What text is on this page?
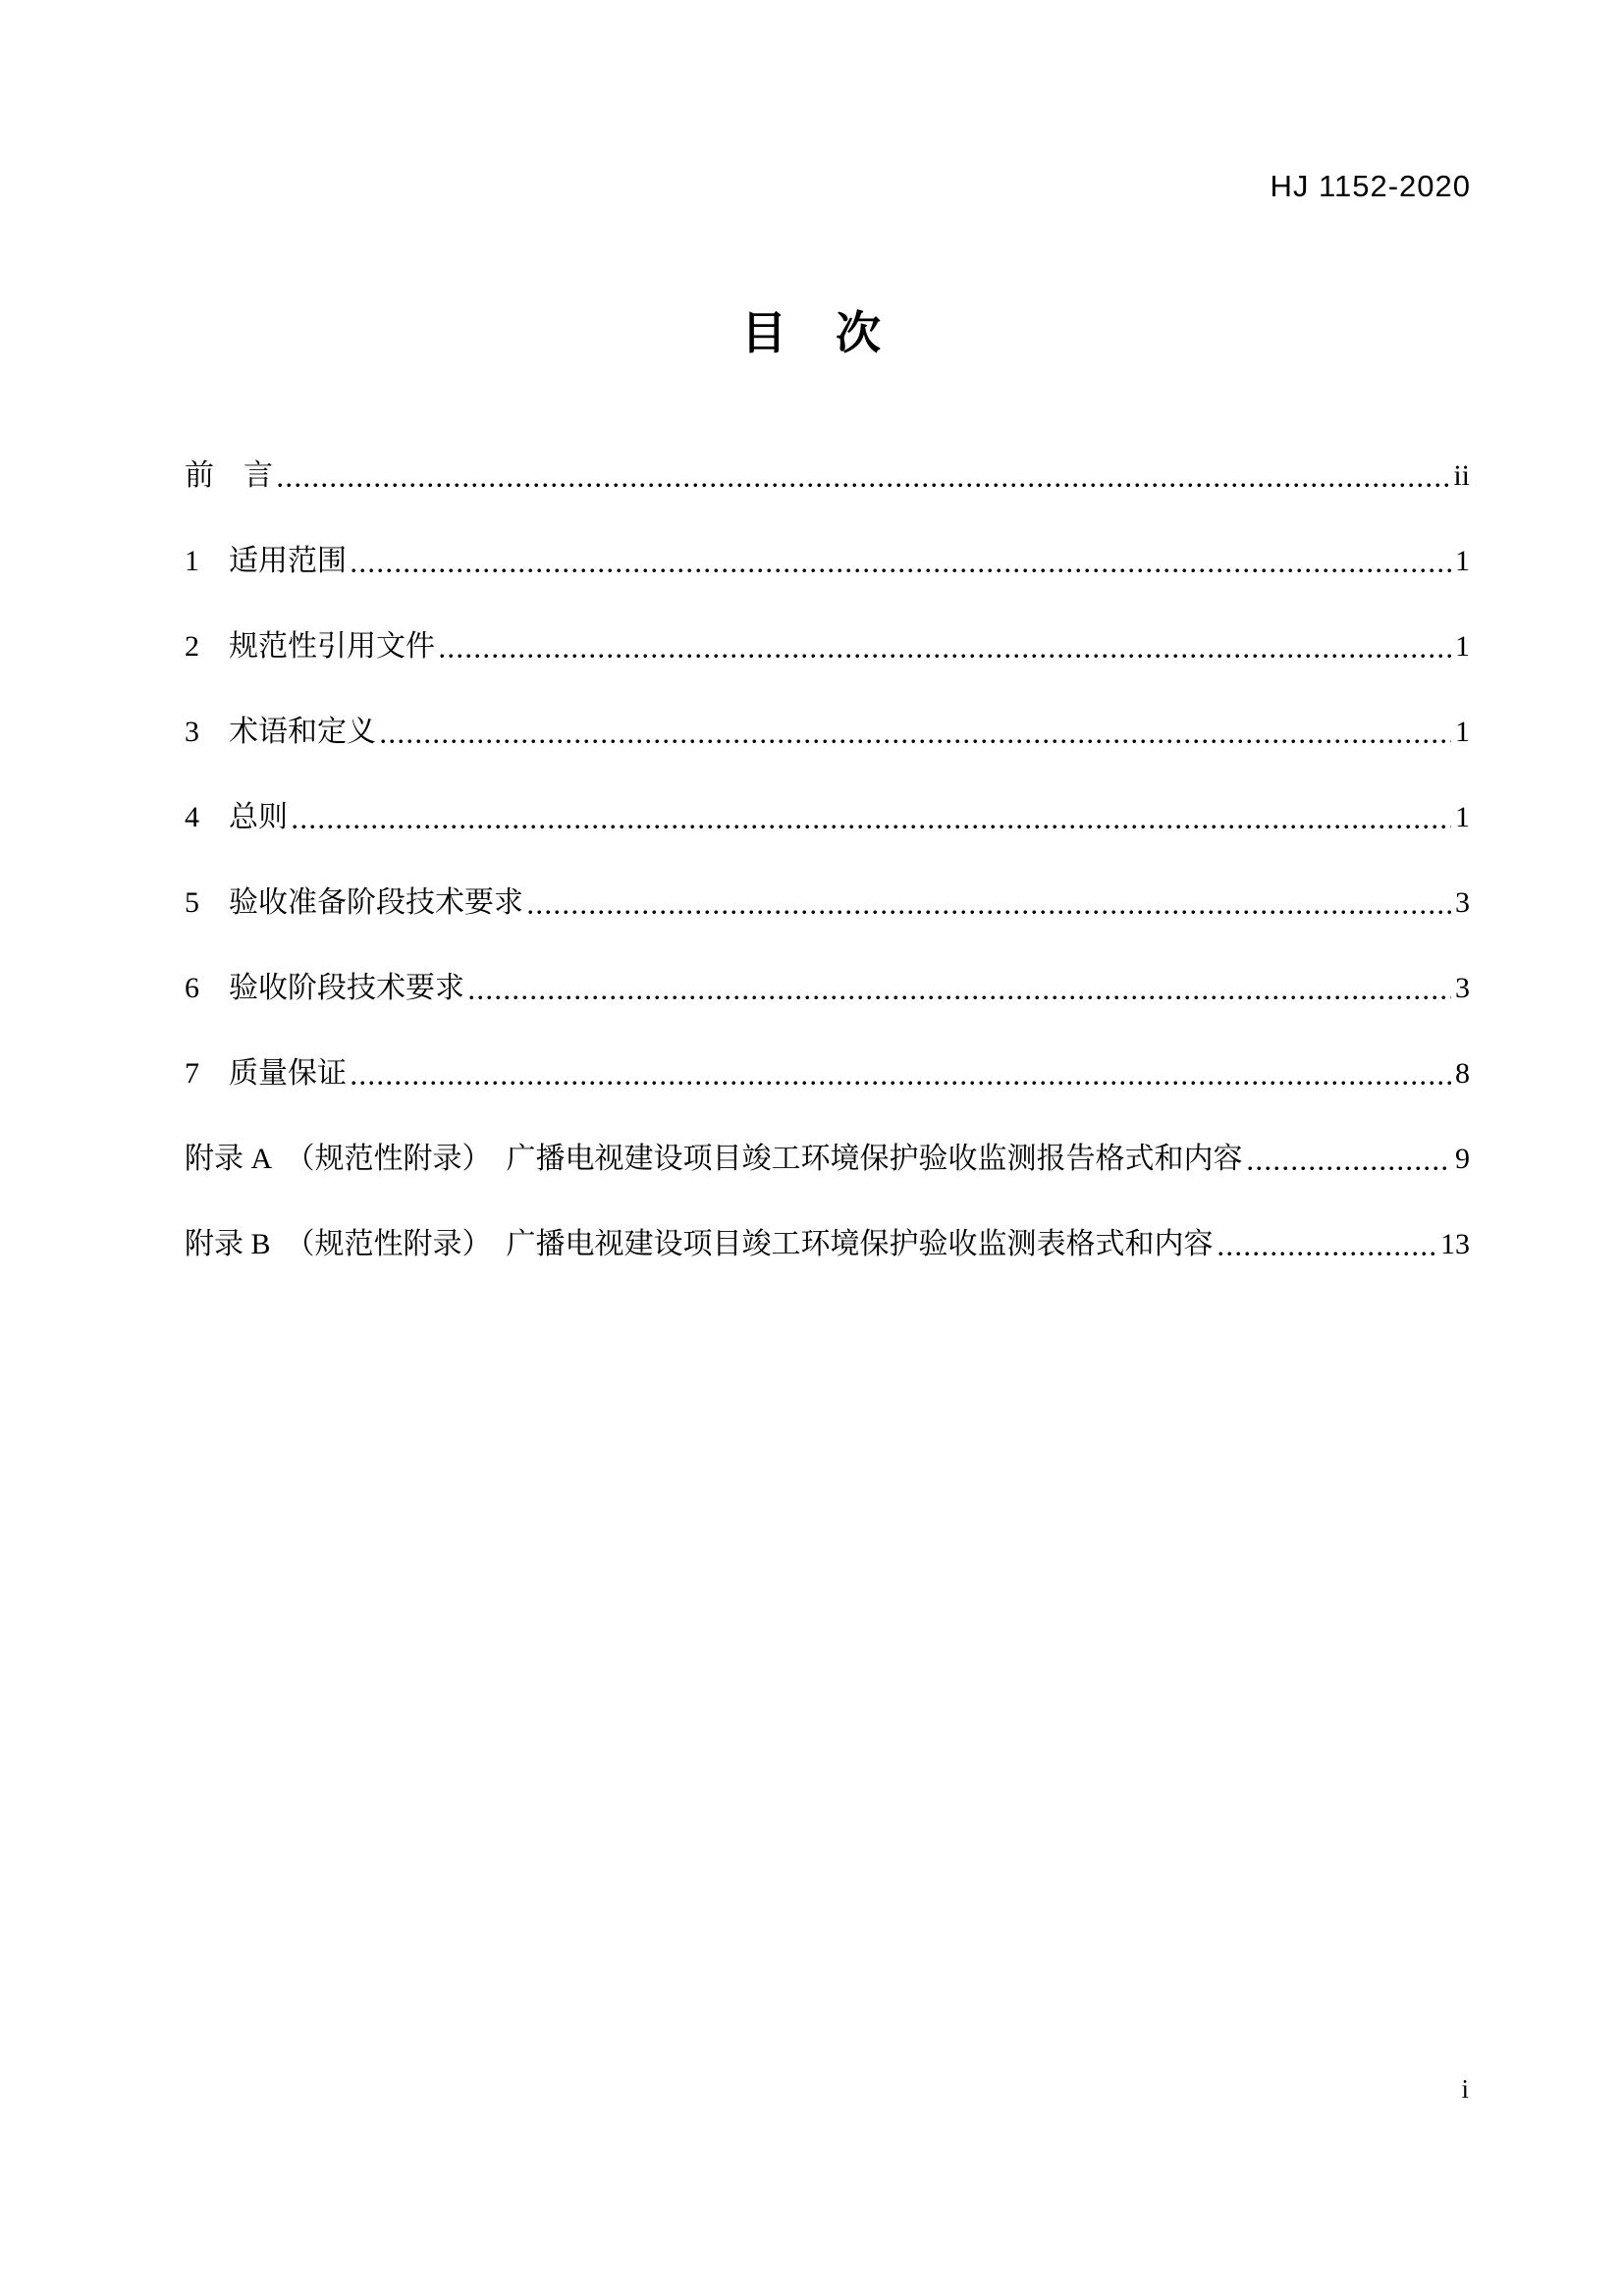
HJ 1152-2020
目　次
前　言	ii
1	适用范围	1
2	规范性引用文件	1
3	术语和定义	1
4	总则	1
5	验收准备阶段技术要求	3
6	验收阶段技术要求	3
7	质量保证	8
附录 A　（规范性附录）　广播电视建设项目竣工环境保护验收监测报告格式和内容	9
附录 B　（规范性附录）　广播电视建设项目竣工环境保护验收监测表格式和内容	13
i
